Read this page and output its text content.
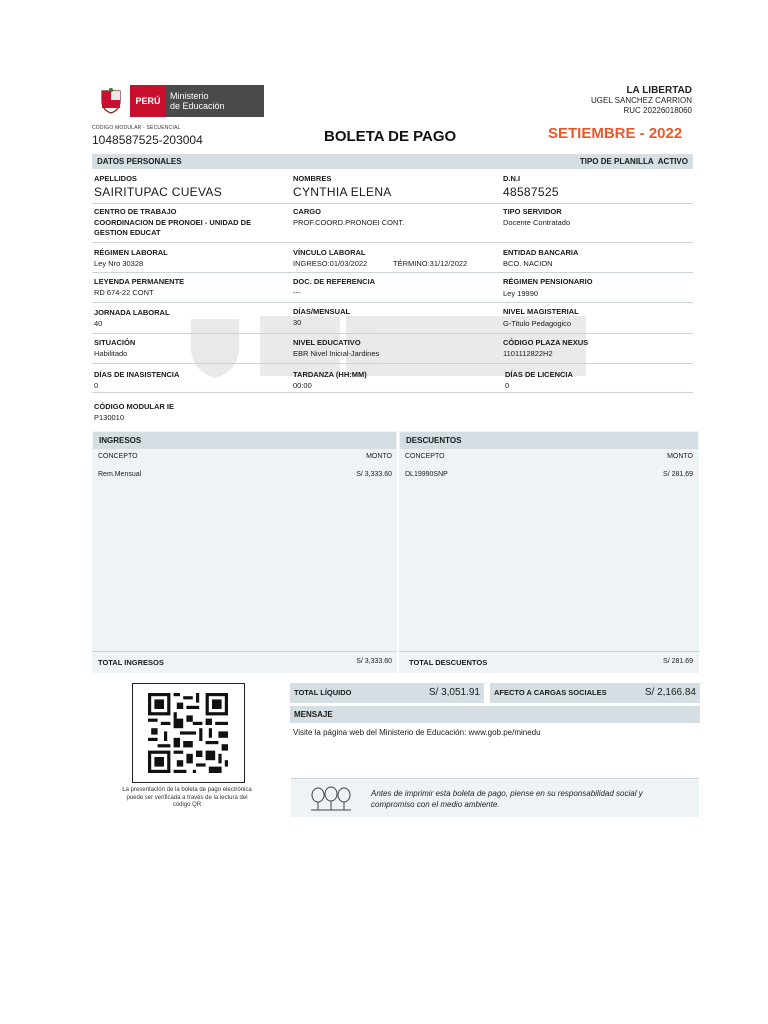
PERÚ	Ministerio
de Educación
CÓDIGO MODULAR - SECUENCIAL
1048587525-203004	BOLETA DE PAGO	SETIEMBRE - 2022
LA LIBERTAD
UGEL SANCHEZ CARRION
RUC 20226018060
DATOS PERSONALES	TIPO DE PLANILLA ACTIVO
APELLIDOS
SAIRITUPAC CUEVAS
NOMBRES
CYNTHIA ELENA
D.N.I
48587525
CENTRO DE TRABAJO
COORDINACION DE PRONOEI - UNIDAD DE
GESTION EDUCAT
CARGO
PROF.COORD.PRONOEI CONT.
TIPO SERVIDOR
Docente Contratado
RÉGIMEN LABORAL
Ley Nro 30328
VÍNCULO LABORAL
INGRESO:01/03/2022	TÉRMINO:31/12/2022
ENTIDAD BANCARIA
BCO. NACION
LEYENDA PERMANENTE
RD 674-22 CONT
DOC. DE REFERENCIA
---
RÉGIMEN PENSIONARIO
Ley 19990
JORNADA LABORAL
40
DÍAS/MENSUAL
30
NIVEL MAGISTERIAL
G-Titulo Pedagogico
SITUACIÓN
Habilitado
NIVEL EDUCATIVO
EBR Nivel Inicial-Jardines
CÓDIGO PLAZA NEXUS
1101112822H2
DÍAS DE INASISTENCIA
0
TARDANZA (HH:MM)
00:00
DÍAS DE LICENCIA
0
CÓDIGO MODULAR IE
P130010
INGRESOS
CONCEPTO	MONTO
Rem.Mensual	S/ 3,333.60
TOTAL INGRESOS	S/ 3,333.60
DESCUENTOS
CONCEPTO	MONTO
DL19990SNP	S/ 281.69
TOTAL DESCUENTOS	S/ 281.69
La presentación de la boleta de pago electrónica
puede ser verificada a través de la lectura del
código QR
TOTAL LÍQUIDO	S/ 3,051.91 AFECTO A CARGAS SOCIALES	S/ 2,166.84
MENSAJE
Visite la página web del Ministerio de Educación: www.gob.pe/minedu
Antes de imprimir esta boleta de pago, piense en su responsabilidad social y
compromiso con el medio ambiente.
